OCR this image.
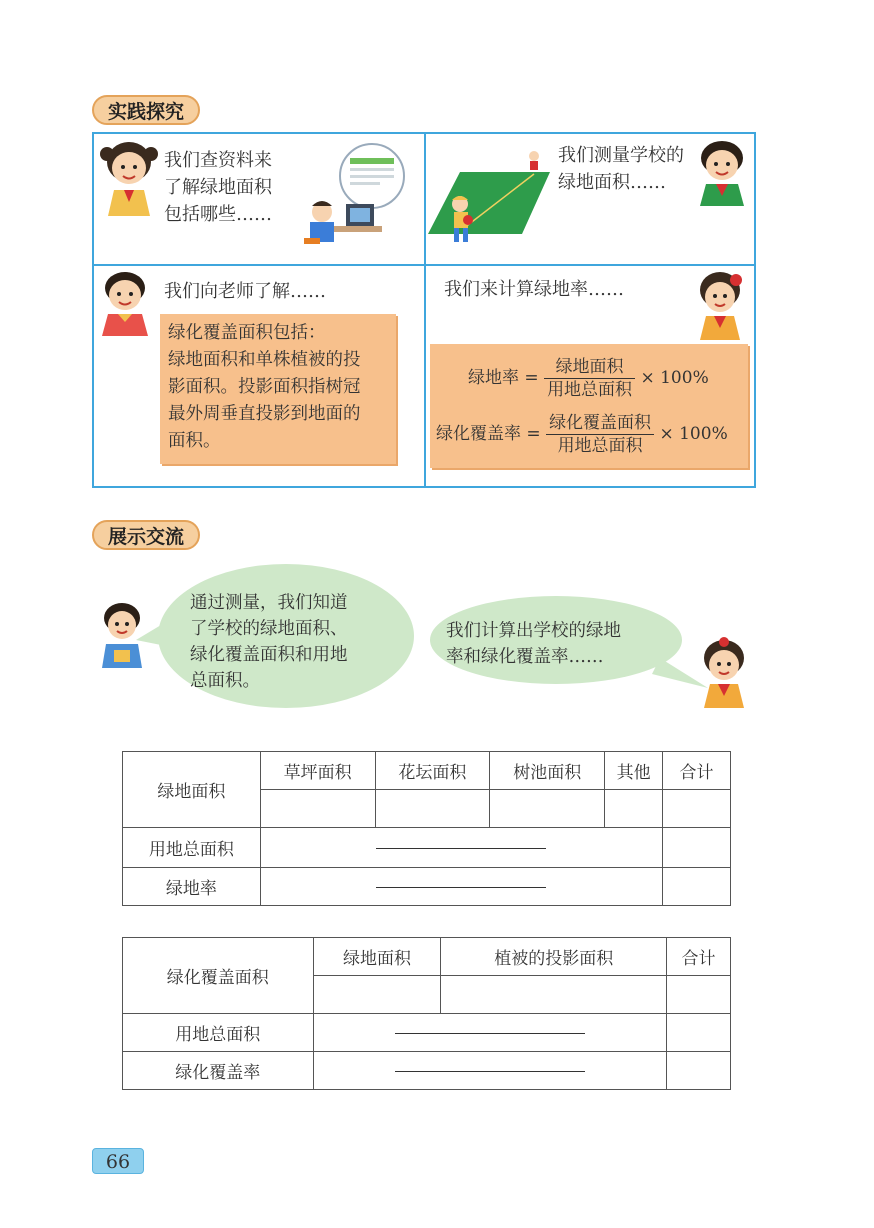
实践探究
我们查资料来
了解绿地面积
包括哪些……
我们测量学校的
绿地面积……
我们向老师了解……
绿化覆盖面积包括：
绿地面积和单株植被的投
影面积。投影面积指树冠
最外周垂直投影到地面的
面积。
我们来计算绿地率……
绿地率 = $\frac{\text{绿地面积}}{\text{用地总面积}} \times 100\%$
绿化覆盖率 = $\frac{\text{绿化覆盖面积}}{\text{用地总面积}} \times 100\%$
展示交流
通过测量，我们知道
了学校的绿地面积、
绿化覆盖面积和用地
总面积。
我们计算出学校的绿地
率和绿化覆盖率……
绿地面积	草坪面积	花坛面积	树池面积	其他	合计

用地总面积					
绿地率					
绿化覆盖面积	绿地面积	植被的投影面积	合计

用地总面积			
绿化覆盖率			
66
